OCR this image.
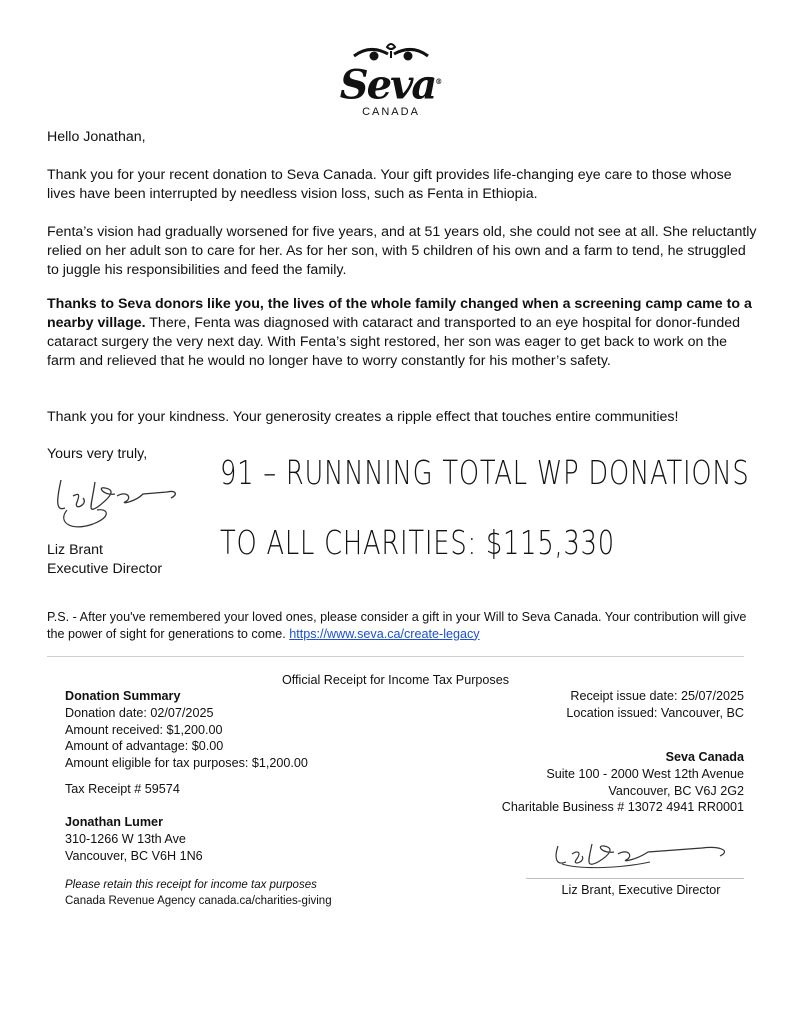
Seva®
CANADA

Hello Jonathan,

Thank you for your recent donation to Seva Canada. Your gift provides life-changing eye care to those whose lives have been interrupted by needless vision loss, such as Fenta in Ethiopia.

Fenta’s vision had gradually worsened for five years, and at 51 years old, she could not see at all. She reluctantly relied on her adult son to care for her. As for her son, with 5 children of his own and a farm to tend, he struggled to juggle his responsibilities and feed the family.

Thanks to Seva donors like you, the lives of the whole family changed when a screening camp came to a nearby village. There, Fenta was diagnosed with cataract and transported to an eye hospital for donor-funded cataract surgery the very next day. With Fenta’s sight restored, her son was eager to get back to work on the farm and relieved that he would no longer have to worry constantly for his mother’s safety.

Thank you for your kindness. Your generosity creates a ripple effect that touches entire communities!

Yours very truly,

Liz Brant

Executive Director

91 – RUNNNING TOTAL WP DONATIONS
TO ALL CHARITIES: $115,330

P.S. - After you've remembered your loved ones, please consider a gift in your Will to Seva Canada. Your contribution will give the power of sight for generations to come. https://www.seva.ca/create-legacy

Official Receipt for Income Tax Purposes
Donation Summary
Donation date: 02/07/2025
Amount received: $1,200.00
Amount of advantage: $0.00
Amount eligible for tax purposes: $1,200.00
Tax Receipt # 59574
Jonathan Lumer
310-1266 W 13th Ave
Vancouver, BC V6H 1N6
Please retain this receipt for income tax purposes
Canada Revenue Agency canada.ca/charities-giving
Receipt issue date: 25/07/2025
Location issued: Vancouver, BC
Seva Canada
Suite 100 - 2000 West 12th Avenue
Vancouver, BC V6J 2G2
Charitable Business # 13072 4941 RR0001
Liz Brant, Executive Director
